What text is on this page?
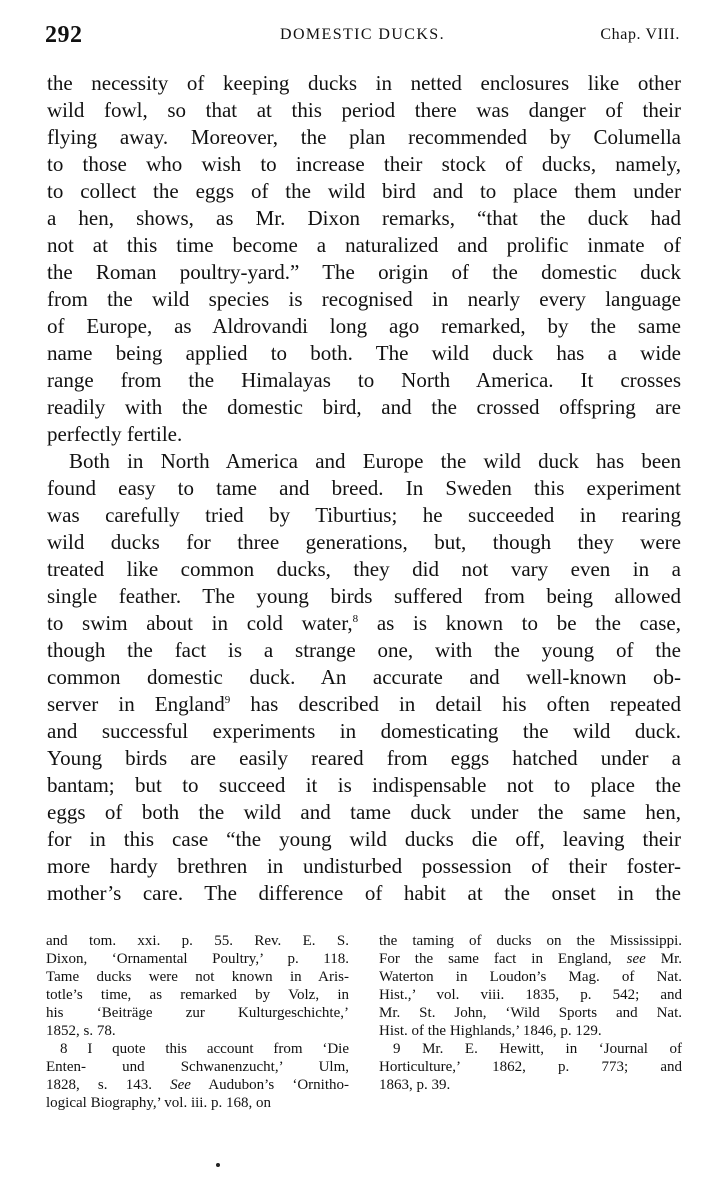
292	DOMESTIC DUCKS.	Chap. VIII.
the necessity of keeping ducks in netted enclosures like other
wild fowl, so that at this period there was danger of their
flying away. Moreover, the plan recommended by Columella
to those who wish to increase their stock of ducks, namely,
to collect the eggs of the wild bird and to place them under
a hen, shows, as Mr. Dixon remarks, “that the duck had
not at this time become a naturalized and prolific inmate of
the Roman poultry-yard.” The origin of the domestic duck
from the wild species is recognised in nearly every language
of Europe, as Aldrovandi long ago remarked, by the same
name being applied to both. The wild duck has a wide
range from the Himalayas to North America. It crosses
readily with the domestic bird, and the crossed offspring are
perfectly fertile.
Both in North America and Europe the wild duck has been
found easy to tame and breed. In Sweden this experiment
was carefully tried by Tiburtius; he succeeded in rearing
wild ducks for three generations, but, though they were
treated like common ducks, they did not vary even in a
single feather. The young birds suffered from being allowed
to swim about in cold water,$^8$ as is known to be the case,
though the fact is a strange one, with the young of the
common domestic duck. An accurate and well-known ob-
server in England$^9$ has described in detail his often repeated
and successful experiments in domesticating the wild duck.
Young birds are easily reared from eggs hatched under a
bantam; but to succeed it is indispensable not to place the
eggs of both the wild and tame duck under the same hen,
for in this case “the young wild ducks die off, leaving their
more hardy brethren in undisturbed possession of their foster-
mother’s care. The difference of habit at the onset in the
and tom. xxi. p. 55. Rev. E. S.
Dixon, ‘Ornamental Poultry,’ p. 118.
Tame ducks were not known in Aris-
totle’s time, as remarked by Volz, in
his ‘Beiträge zur Kulturgeschichte,’
1852, s. 78.
8 I quote this account from ‘Die
Enten- und Schwanenzucht,’ Ulm,
1828, s. 143. See Audubon’s ‘Ornitho-
logical Biography,’ vol. iii. p. 168, on
the taming of ducks on the Mississippi.
For the same fact in England, see Mr.
Waterton in Loudon’s Mag. of Nat.
Hist.,’ vol. viii. 1835, p. 542; and
Mr. St. John, ‘Wild Sports and Nat.
Hist. of the Highlands,’ 1846, p. 129.
9 Mr. E. Hewitt, in ‘Journal of
Horticulture,’ 1862, p. 773; and
1863, p. 39.
